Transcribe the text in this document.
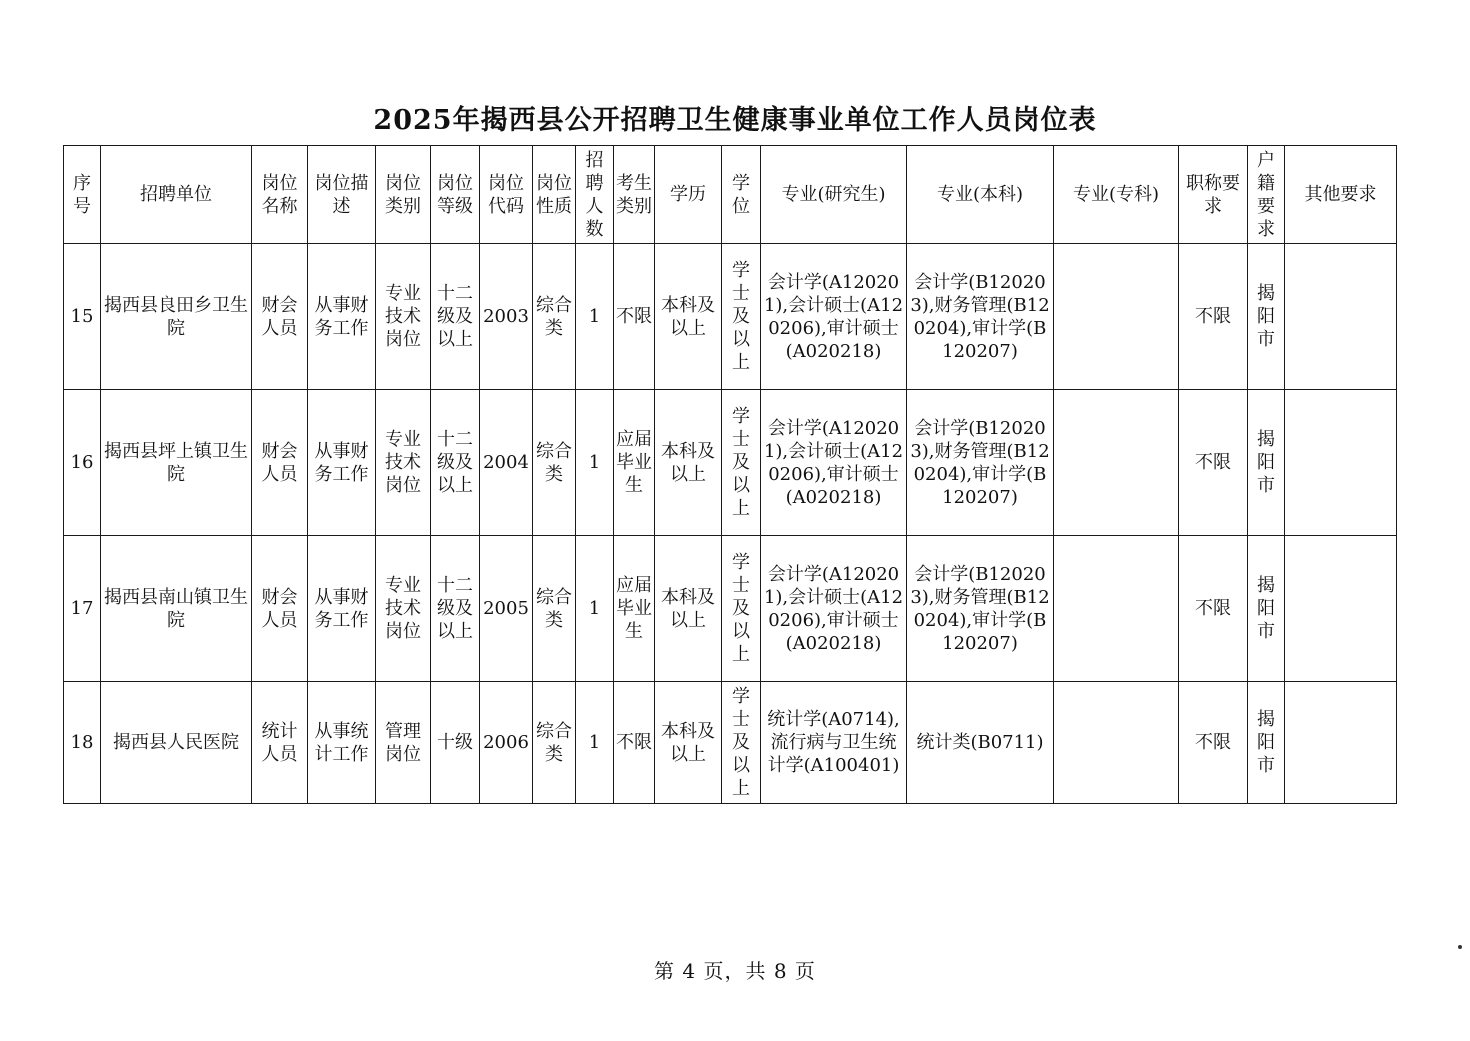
2025年揭西县公开招聘卫生健康事业单位工作人员岗位表
序号	招聘单位	岗位名称	岗位描述	岗位类别	岗位等级	岗位代码	岗位性质	招聘人数	考生类别	学历	学位	专业(研究生)	专业(本科)	专业(专科)	职称要求	户籍要求	其他要求
15	揭西县良田乡卫生院	财会人员	从事财务工作	专业技术岗位	十二级及以上	2003	综合类	1	不限	本科及以上	学士及以上	会计学(A120201),会计硕士(A120206),审计硕士(A020218)	会计学(B120203),财务管理(B120204),审计学(B120207)		不限	揭阳市	
16	揭西县坪上镇卫生院	财会人员	从事财务工作	专业技术岗位	十二级及以上	2004	综合类	1	应届毕业生	本科及以上	学士及以上	会计学(A120201),会计硕士(A120206),审计硕士(A020218)	会计学(B120203),财务管理(B120204),审计学(B120207)		不限	揭阳市	
17	揭西县南山镇卫生院	财会人员	从事财务工作	专业技术岗位	十二级及以上	2005	综合类	1	应届毕业生	本科及以上	学士及以上	会计学(A120201),会计硕士(A120206),审计硕士(A020218)	会计学(B120203),财务管理(B120204),审计学(B120207)		不限	揭阳市	
18	揭西县人民医院	统计人员	从事统计工作	管理岗位	十级	2006	综合类	1	不限	本科及以上	学士及以上	统计学(A0714),流行病与卫生统计学(A100401)	统计类(B0711)		不限	揭阳市	
第 4 页，共 8 页
